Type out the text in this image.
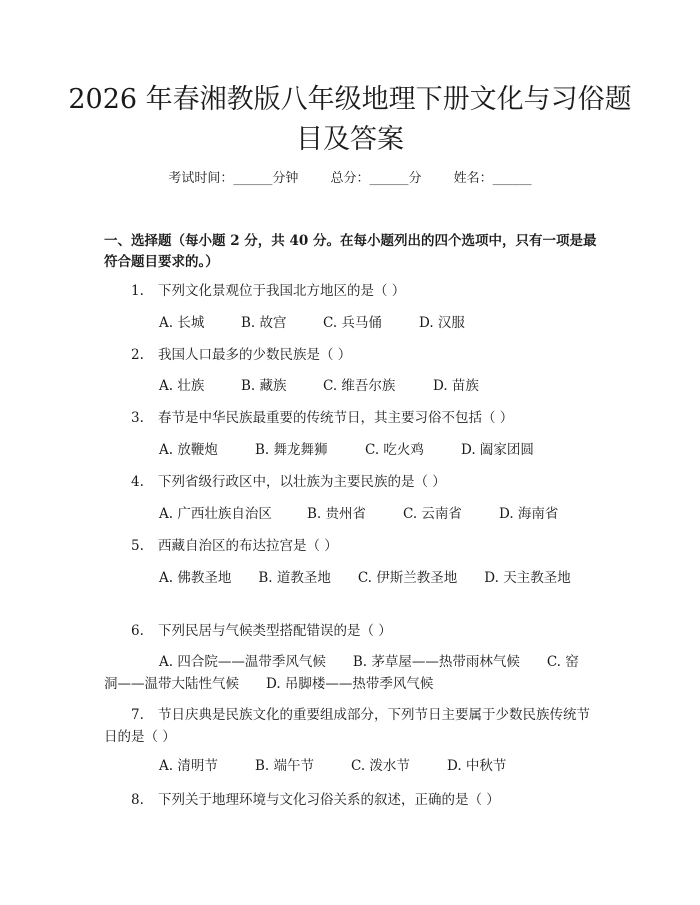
2026 年春湘教版八年级地理下册文化与习俗题目及答案
考试时间：______分钟 总分：______分 姓名：______

一、选择题（每小题 2 分，共 40 分。在每小题列出的四个选项中，只有一项是最符合题目要求的。）

1. 下列文化景观位于我国北方地区的是（ ）
A. 长城	B. 故宫	C. 兵马俑	D. 汉服
2. 我国人口最多的少数民族是（ ）
A. 壮族	B. 藏族	C. 维吾尔族	D. 苗族
3. 春节是中华民族最重要的传统节日，其主要习俗不包括（ ）
A. 放鞭炮	B. 舞龙舞狮	C. 吃火鸡	D. 阖家团圆
4. 下列省级行政区中，以壮族为主要民族的是（ ）
A. 广西壮族自治区	B. 贵州省	C. 云南省	D. 海南省
5. 西藏自治区的布达拉宫是（ ）
A. 佛教圣地　　B. 道教圣地　　C. 伊斯兰教圣地　　D. 天主教圣地
6. 下列民居与气候类型搭配错误的是（ ）
A. 四合院——温带季风气候　　B. 茅草屋——热带雨林气候　　C. 窑洞——温带大陆性气候　　D. 吊脚楼——热带季风气候
7. 节日庆典是民族文化的重要组成部分，下列节日主要属于少数民族传统节日的是（ ）
A. 清明节	B. 端午节	C. 泼水节	D. 中秋节
8. 下列关于地理环境与文化习俗关系的叙述，正确的是（ ）
